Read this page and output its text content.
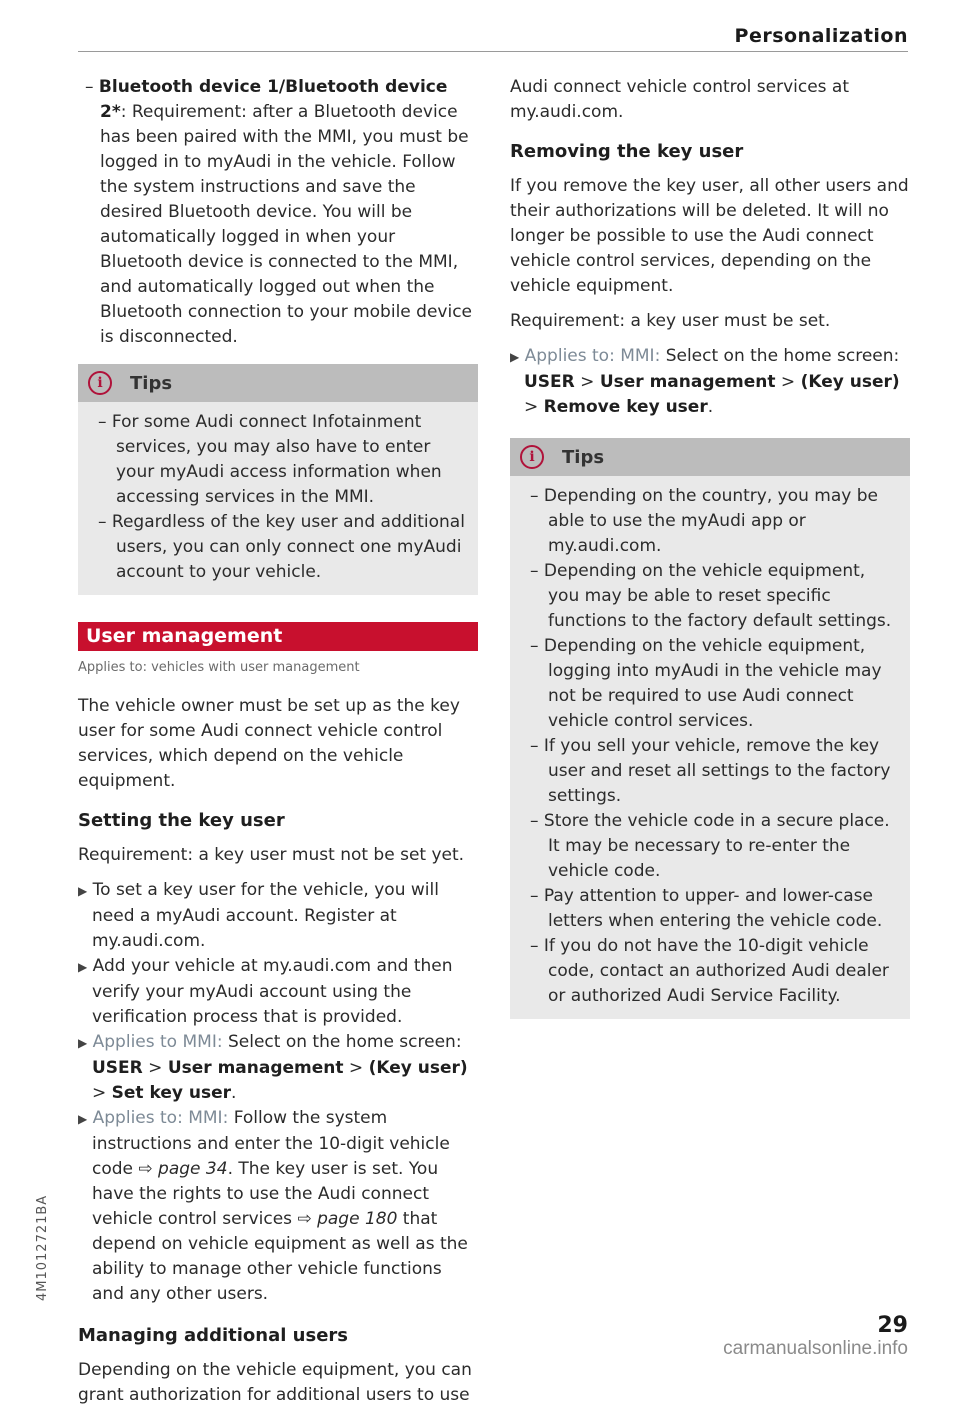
Personalization

– Bluetooth device 1/Bluetooth device 2*: Requirement: after a Bluetooth device has been paired with the MMI, you must be logged in to myAudi in the vehicle. Follow the system instructions and save the desired Bluetooth device. You will be automatically logged in when your Bluetooth device is connected to the MMI, and automatically logged out when the Bluetooth connection to your mobile device is disconnected.

i	Tips

– For some Audi connect Infotainment services, you may also have to enter your myAudi access information when accessing services in the MMI.

– Regardless of the key user and additional users, you can only connect one myAudi account to your vehicle.

User management
Applies to: vehicles with user management

The vehicle owner must be set up as the key user for some Audi connect vehicle control services, which depend on the vehicle equipment.

Setting the key user

Requirement: a key user must not be set yet.

▶ To set a key user for the vehicle, you will need a myAudi account. Register at my.audi.com.

▶ Add your vehicle at my.audi.com and then verify your myAudi account using the verification process that is provided.

▶ Applies to MMI: Select on the home screen: USER > User management > (Key user) > Set key user.

▶ Applies to: MMI: Follow the system instructions and enter the 10-digit vehicle code ⇨ page 34. The key user is set. You have the rights to use the Audi connect vehicle control services ⇨ page 180 that depend on vehicle equipment as well as the ability to manage other vehicle functions and any other users.

Managing additional users

Depending on the vehicle equipment, you can grant authorization for additional users to use

Audi connect vehicle control services at my.audi.com.

Removing the key user

If you remove the key user, all other users and their authorizations will be deleted. It will no longer be possible to use the Audi connect vehicle control services, depending on the vehicle equipment.

Requirement: a key user must be set.

▶ Applies to: MMI: Select on the home screen: USER > User management > (Key user) > Remove key user.

i	Tips

– Depending on the country, you may be able to use the myAudi app or my.audi.com.

– Depending on the vehicle equipment, you may be able to reset specific functions to the factory default settings.

– Depending on the vehicle equipment, logging into myAudi in the vehicle may not be required to use Audi connect vehicle control services.

– If you sell your vehicle, remove the key user and reset all settings to the factory settings.

– Store the vehicle code in a secure place. It may be necessary to re-enter the vehicle code.

– Pay attention to upper- and lower-case letters when entering the vehicle code.

– If you do not have the 10-digit vehicle code, contact an authorized Audi dealer or authorized Audi Service Facility.

4M1012721BA
29
carmanualsonline.info
